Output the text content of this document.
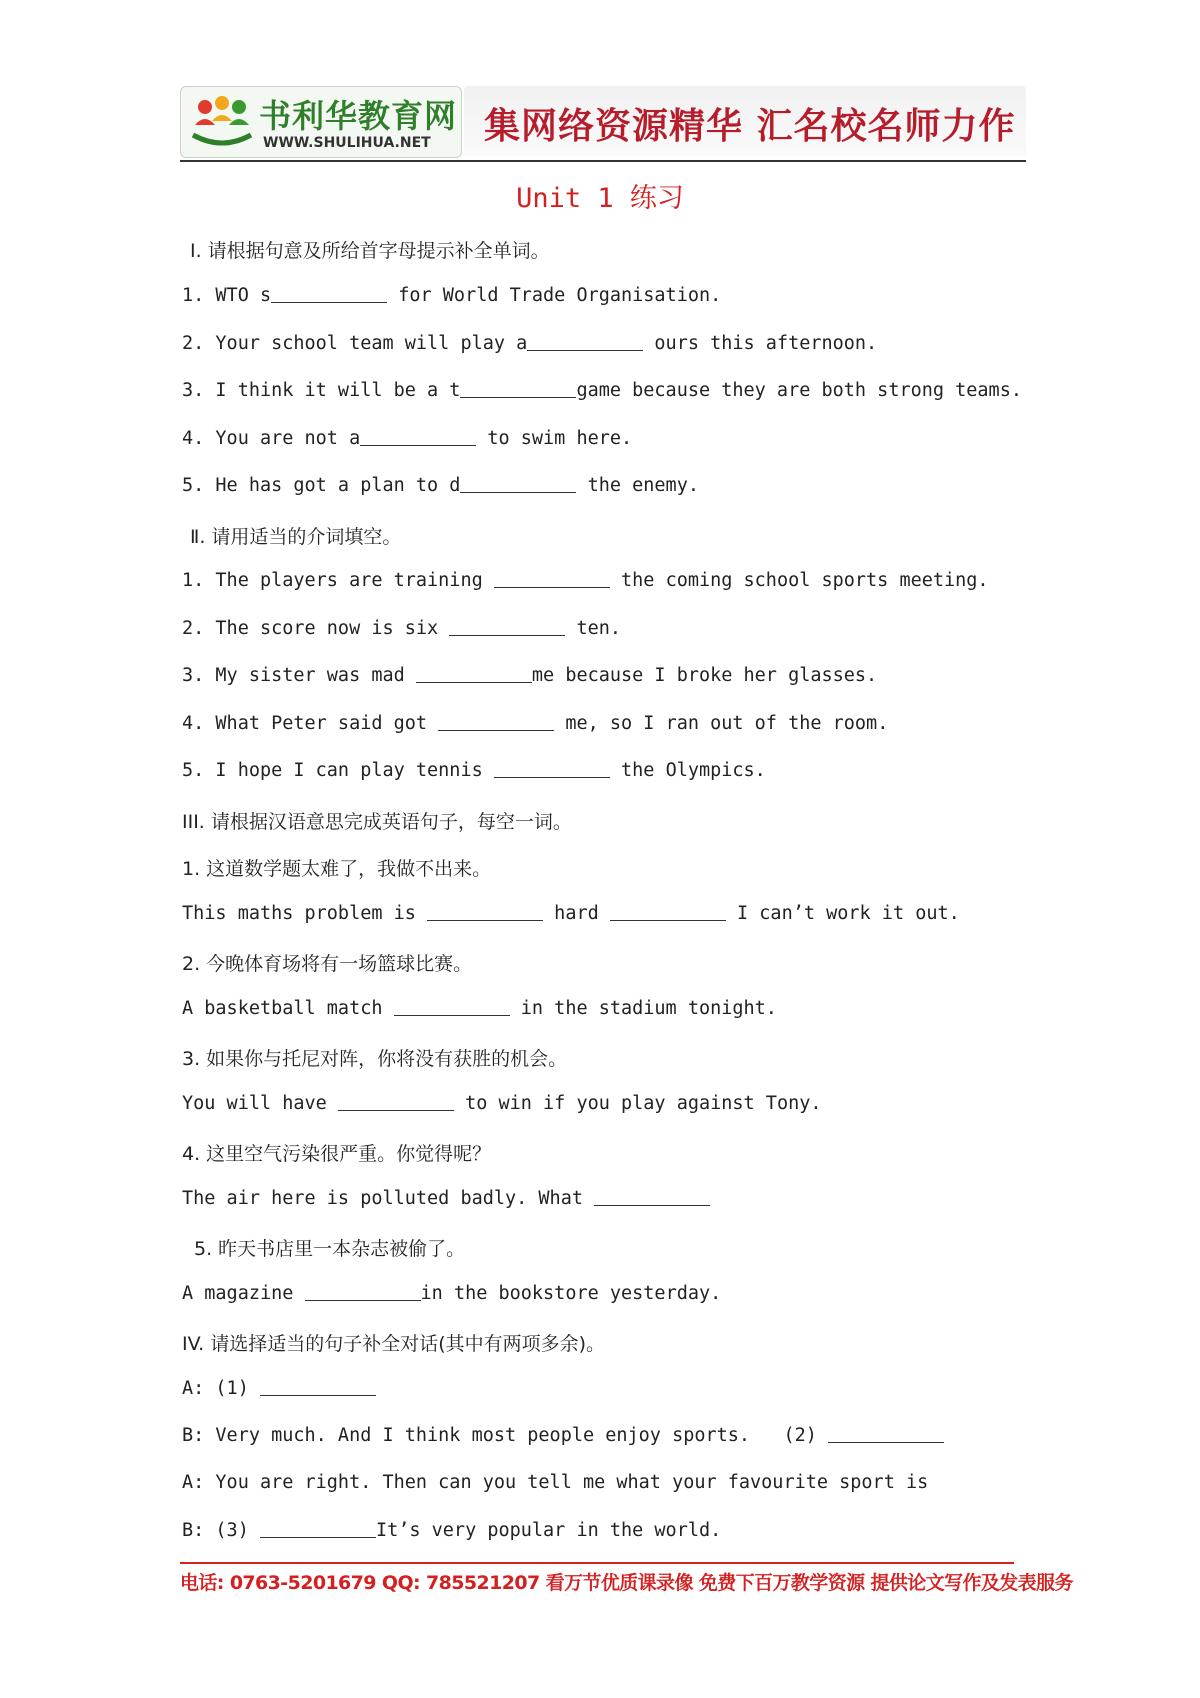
书利华教育网
WWW.SHULIHUA.NET 集网络资源精华 汇名校名师力作
Unit 1 练习
Ⅰ. 请根据句意及所给首字母提示补全单词。
1. WTO s	for World Trade Organisation.
2. Your school team will play a	ours this afternoon.
3. I think it will be a t	game because they are both strong teams.
4. You are not a	to swim here.
5. He has got a plan to d	the enemy.
Ⅱ. 请用适当的介词填空。
1. The players are training	the coming school sports meeting.
2. The score now is six	ten.
3. My sister was mad	me because I broke her glasses.
4. What Peter said got	me, so I ran out of the room.
5. I hope I can play tennis	the Olympics.
III. 请根据汉语意思完成英语句子，每空一词。
1. 这道数学题太难了，我做不出来。
This maths problem is	hard	I can’t work it out.
2. 今晚体育场将有一场篮球比赛。
A basketball match	in the stadium tonight.
3. 如果你与托尼对阵，你将没有获胜的机会。
You will have	to win if you play against Tony.
4. 这里空气污染很严重。你觉得呢？
The air here is polluted badly. What
5. 昨天书店里一本杂志被偷了。
A magazine	in the bookstore yesterday.
IV. 请选择适当的句子补全对话(其中有两项多余)。
A: (1)
B: Very much. And I think most people enjoy sports.   (2)
A: You are right. Then can you tell me what your favourite sport is
B: (3)	It’s very popular in the world.
电话: 0763-5201679 QQ: 785521207 看万节优质课录像 免费下百万教学资源 提供论文写作及发表服务
